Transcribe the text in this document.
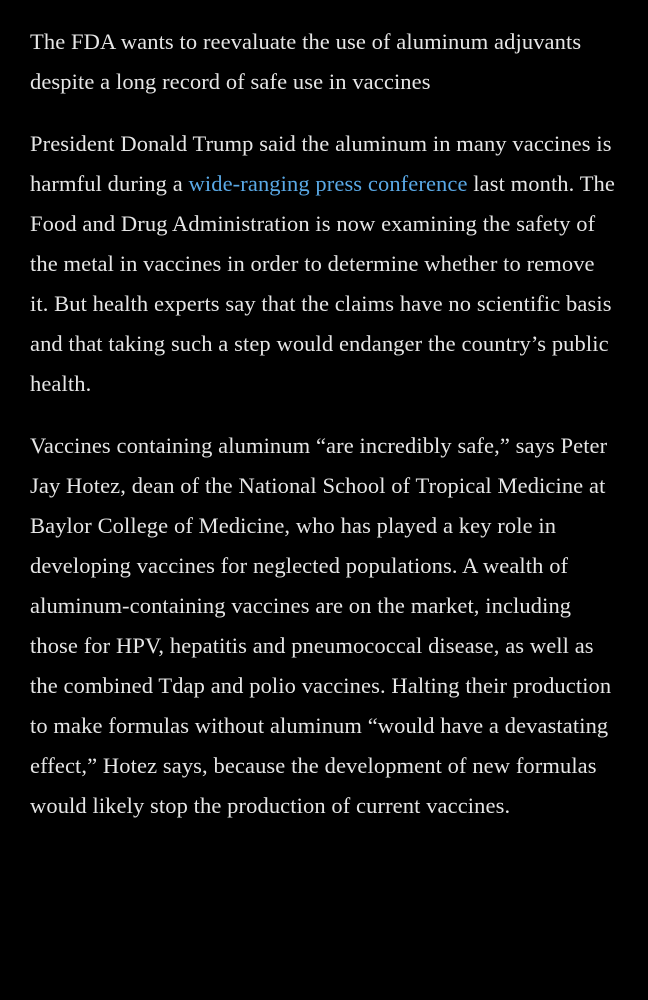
The FDA wants to reevaluate the use of aluminum adjuvants despite a long record of safe use in vaccines

President Donald Trump said the aluminum in many vaccines is harmful during a wide-ranging press conference last month. The Food and Drug Administration is now examining the safety of the metal in vaccines in order to determine whether to remove it. But health experts say that the claims have no scientific basis and that taking such a step would endanger the country’s public health.

Vaccines containing aluminum “are incredibly safe,” says Peter Jay Hotez, dean of the National School of Tropical Medicine at Baylor College of Medicine, who has played a key role in developing vaccines for neglected populations. A wealth of aluminum-containing vaccines are on the market, including those for HPV, hepatitis and pneumococcal disease, as well as the combined Tdap and polio vaccines. Halting their production to make formulas without aluminum “would have a devastating effect,” Hotez says, because the development of new formulas would likely stop the production of current vaccines.
